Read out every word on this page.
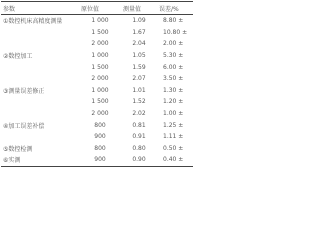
参数	原位值	测量值	误差/%
①数控机床高精度测量	1 000	1.09	8.80 ±
	1 500	1.67	10.80 ±
	2 000	2.04	2.00 ±
②数控加工	1 000	1.05	5.30 ±
	1 500	1.59	6.00 ±
	2 000	2.07	3.50 ±
③测量误差修正	1 000	1.01	1.30 ±
	1 500	1.52	1.20 ±
	2 000	2.02	1.00 ±
④加工误差补偿	800	0.81	1.25 ±
	900	0.91	1.11 ±
⑤数控检测	800	0.80	0.50 ±
⑥实测	900	0.90	0.40 ±
